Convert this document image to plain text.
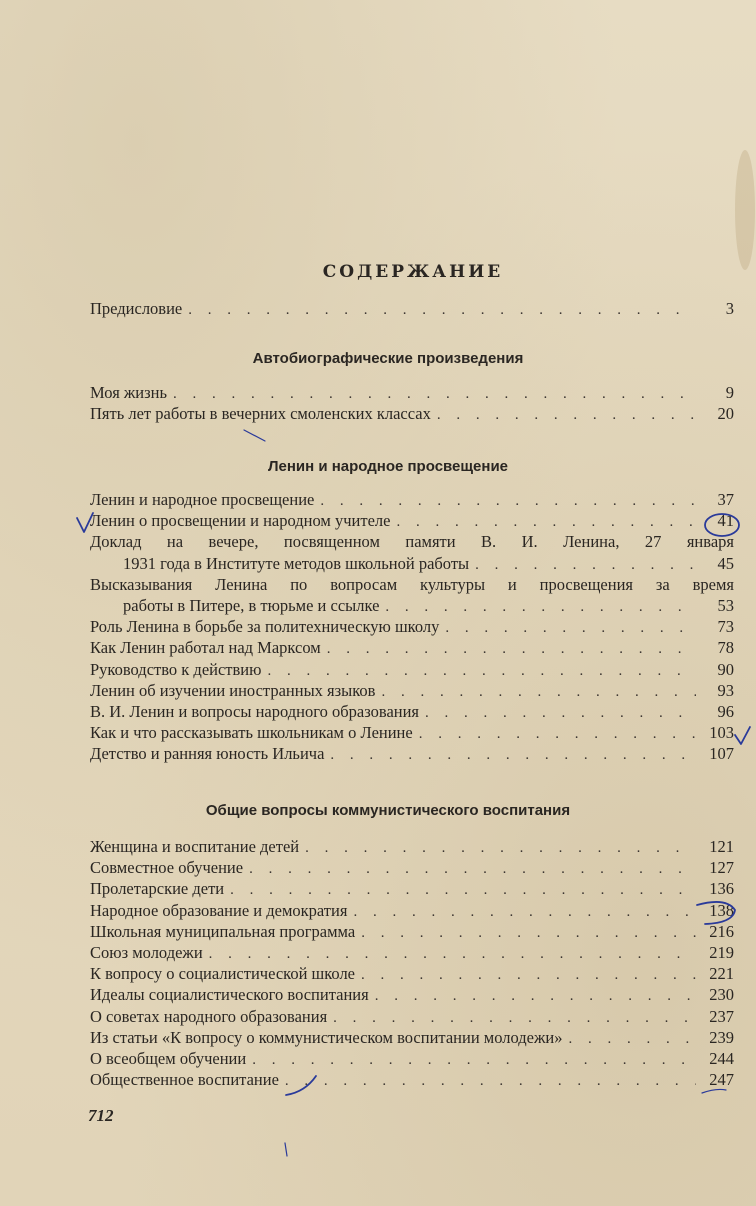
СОДЕРЖАНИЕ
Предисловие . . .	3
Автобиографические произведения
Моя жизнь . . .	9
Пять лет работы в вечерних смоленских классах . . .	20
Ленин и народное просвещение
Ленин и народное просвещение . . .	37
Ленин о просвещении и народном учителе . . .	41
Доклад на вечере, посвященном памяти В. И. Ленина, 27 января
1931 года в Институте методов школьной работы . . .	45
Высказывания Ленина по вопросам культуры и просвещения за время
работы в Питере, в тюрьме и ссылке . . .	53
Роль Ленина в борьбе за политехническую школу . . .	73
Как Ленин работал над Марксом . . .	78
Руководство к действию . . .	90
Ленин об изучении иностранных языков . . .	93
В. И. Ленин и вопросы народного образования . . .	96
Как и что рассказывать школьникам о Ленине . . .	103
Детство и ранняя юность Ильича . . .	107
Общие вопросы коммунистического воспитания
Женщина и воспитание детей . . .	121
Совместное обучение . . .	127
Пролетарские дети . . .	136
Народное образование и демократия . . .	138
Школьная муниципальная программа . . .	216
Союз молодежи . . .	219
К вопросу о социалистической школе . . .	221
Идеалы социалистического воспитания . . .	230
О советах народного образования . . .	237
Из статьи «К вопросу о коммунистическом воспитании молодежи» . . .	239
О всеобщем обучении . . .	244
Общественное воспитание . . .	247
712
